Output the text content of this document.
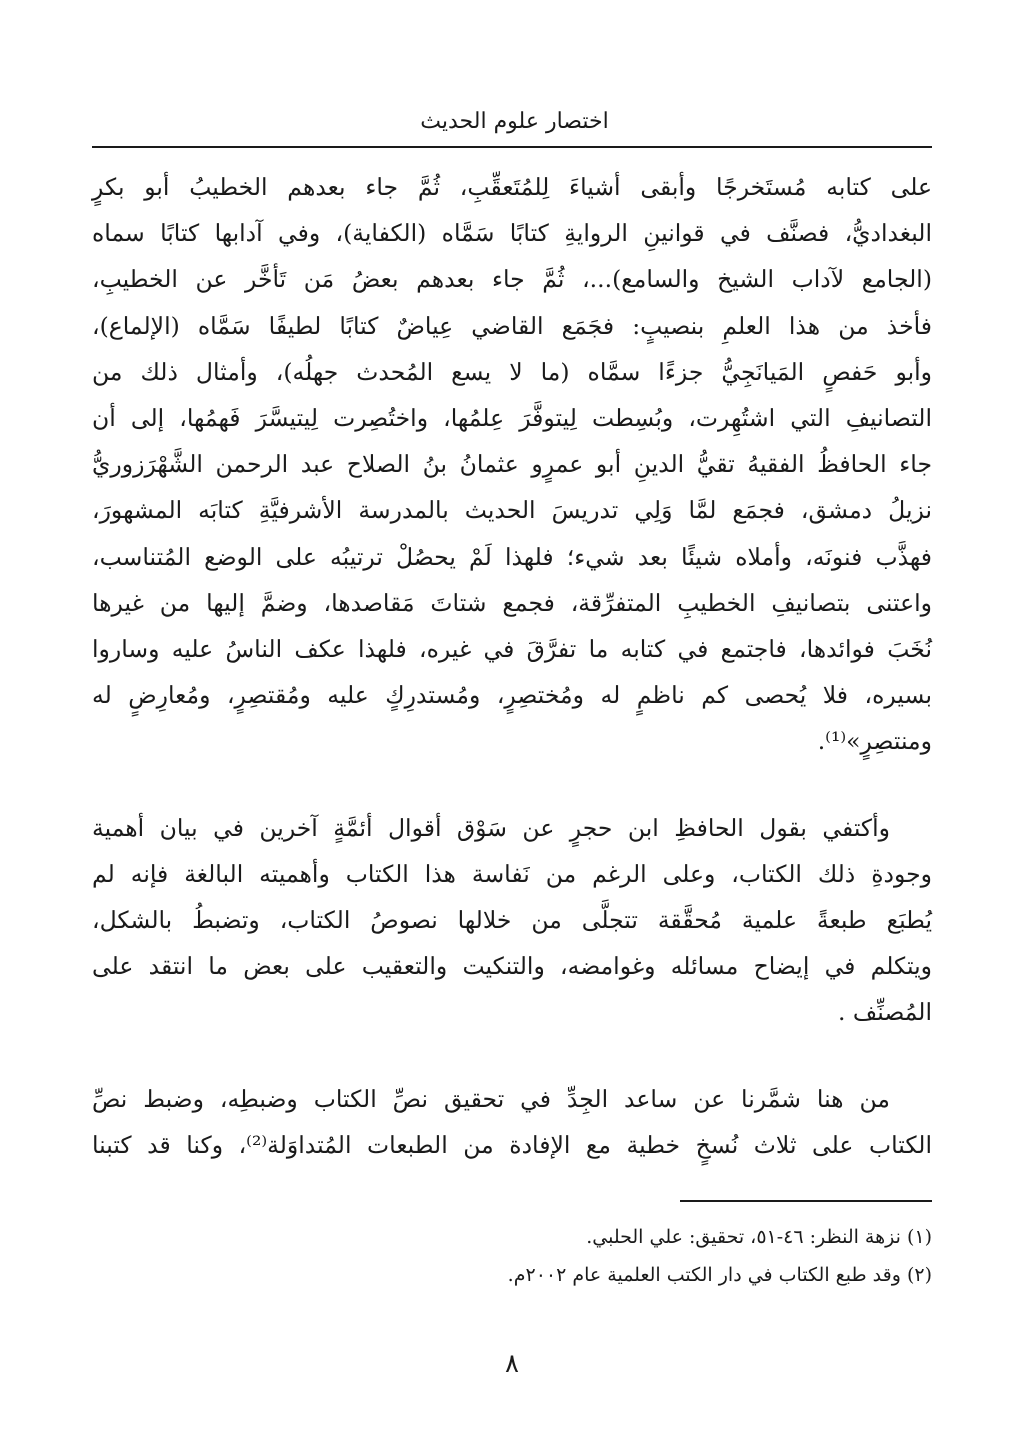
اختصار علوم الحديث

على كتابه مُستَخرجًا وأبقى أشياءَ لِلمُتَعقِّبِ، ثُمَّ جاء بعدهم الخطيبُ أبو بكرٍ
البغداديُّ، فصنَّف في قوانينِ الروايةِ كتابًا سَمَّاه (الكفاية)، وفي آدابها كتابًا سماه
(الجامع لآداب الشيخ والسامع)...، ثُمَّ جاء بعدهم بعضُ مَن تَأخَّر عن الخطيبِ،
فأخذ من هذا العلمِ بنصيبٍ: فجَمَع القاضي عِياضٌ كتابًا لطيفًا سَمَّاه (الإلماع)،
وأبو حَفصٍ المَيانَجِيُّ جزءًا سمَّاه (ما لا يسع المُحدث جهلُه)، وأمثال ذلك من
التصانيفِ التي اشتُهِرت، وبُسِطت لِيتوفَّرَ عِلمُها، واختُصِرت لِيتيسَّرَ فَهمُها، إلى أن
جاء الحافظُ الفقيهُ تقيُّ الدينِ أبو عمرٍو عثمانُ بنُ الصلاح عبد الرحمن الشَّهْرَزوريُّ
نزيلُ دمشق، فجمَع لمَّا وَلِي تدريسَ الحديث بالمدرسة الأشرفيَّةِ كتابَه المشهورَ،
فهذَّب فنونَه، وأملاه شيئًا بعد شيء؛ فلهذا لَمْ يحصُلْ ترتيبُه على الوضع المُتناسب،
واعتنى بتصانيفِ الخطيبِ المتفرِّقة، فجمع شتاتَ مَقاصدها، وضمَّ إليها من غيرها
نُخَبَ فوائدها، فاجتمع في كتابه ما تفرَّقَ في غيره، فلهذا عكف الناسُ عليه وساروا
بسيره، فلا يُحصى كم ناظمٍ له ومُختصِرٍ، ومُستدرِكٍ عليه ومُقتصِرٍ، ومُعارِضٍ له
ومنتصِرٍ»⁽¹⁾.

وأكتفي بقول الحافظِ ابن حجرٍ عن سَوْق أقوال أئمَّةٍ آخرين في بيان أهمية
وجودةِ ذلك الكتاب، وعلى الرغم من نَفاسة هذا الكتاب وأهميته البالغة فإنه لم
يُطبَع طبعةً علمية مُحقَّقة تتجلَّى من خلالها نصوصُ الكتاب، وتضبطُ بالشكل،
ويتكلم في إيضاح مسائله وغوامضه، والتنكيت والتعقيب على بعض ما انتقد على
المُصنِّف .

من هنا شمَّرنا عن ساعد الجِدِّ في تحقيق نصِّ الكتاب وضبطِه، وضبط نصِّ
الكتاب على ثلاث نُسخٍ خطية مع الإفادة من الطبعات المُتداوَلة⁽²⁾، وكنا قد كتبنا

(١) نزهة النظر: ٤٦-٥١، تحقيق: علي الحلبي.
(٢) وقد طبع الكتاب في دار الكتب العلمية عام ٢٠٠٢م.
٨
